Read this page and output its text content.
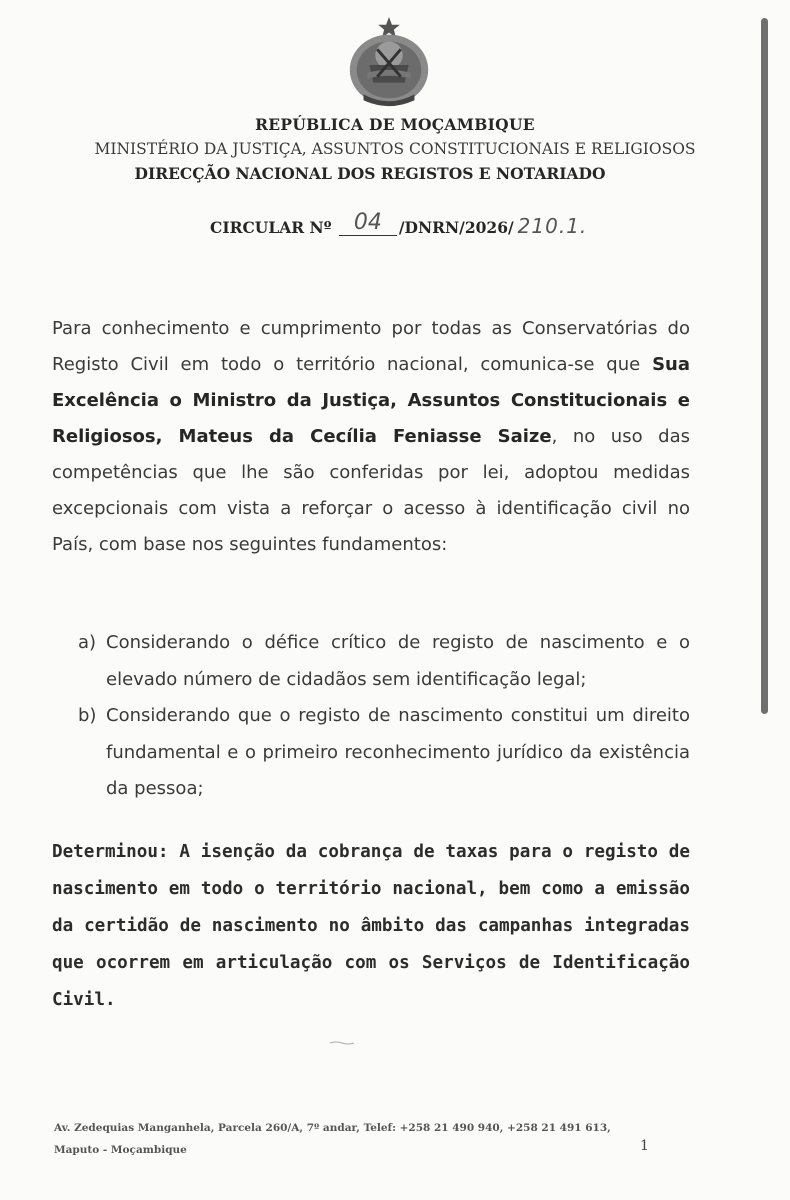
REPÚBLICA DE MOÇAMBIQUE
MINISTÉRIO DA JUSTIÇA, ASSUNTOS CONSTITUCIONAIS E RELIGIOSOS
DIRECÇÃO NACIONAL DOS REGISTOS E NOTARIADO
CIRCULAR Nº 04 /DNRN/2026/ 210.1.
Para conhecimento e cumprimento por todas as Conservatórias do Registo Civil em todo o território nacional, comunica-se que Sua Excelência o Ministro da Justiça, Assuntos Constitucionais e Religiosos, Mateus da Cecília Feniasse Saize, no uso das competências que lhe são conferidas por lei, adoptou medidas excepcionais com vista a reforçar o acesso à identificação civil no País, com base nos seguintes fundamentos:
a) Considerando o défice crítico de registo de nascimento e o elevado número de cidadãos sem identificação legal;
b) Considerando que o registo de nascimento constitui um direito fundamental e o primeiro reconhecimento jurídico da existência da pessoa;
Determinou: A isenção da cobrança de taxas para o registo de nascimento em todo o território nacional, bem como a emissão da certidão de nascimento no âmbito das campanhas integradas que ocorrem em articulação com os Serviços de Identificação Civil.
Av. Zedequias Manganhela, Parcela 260/A, 7º andar, Telef: +258 21 490 940, +258 21 491 613,
Maputo - Moçambique	1
